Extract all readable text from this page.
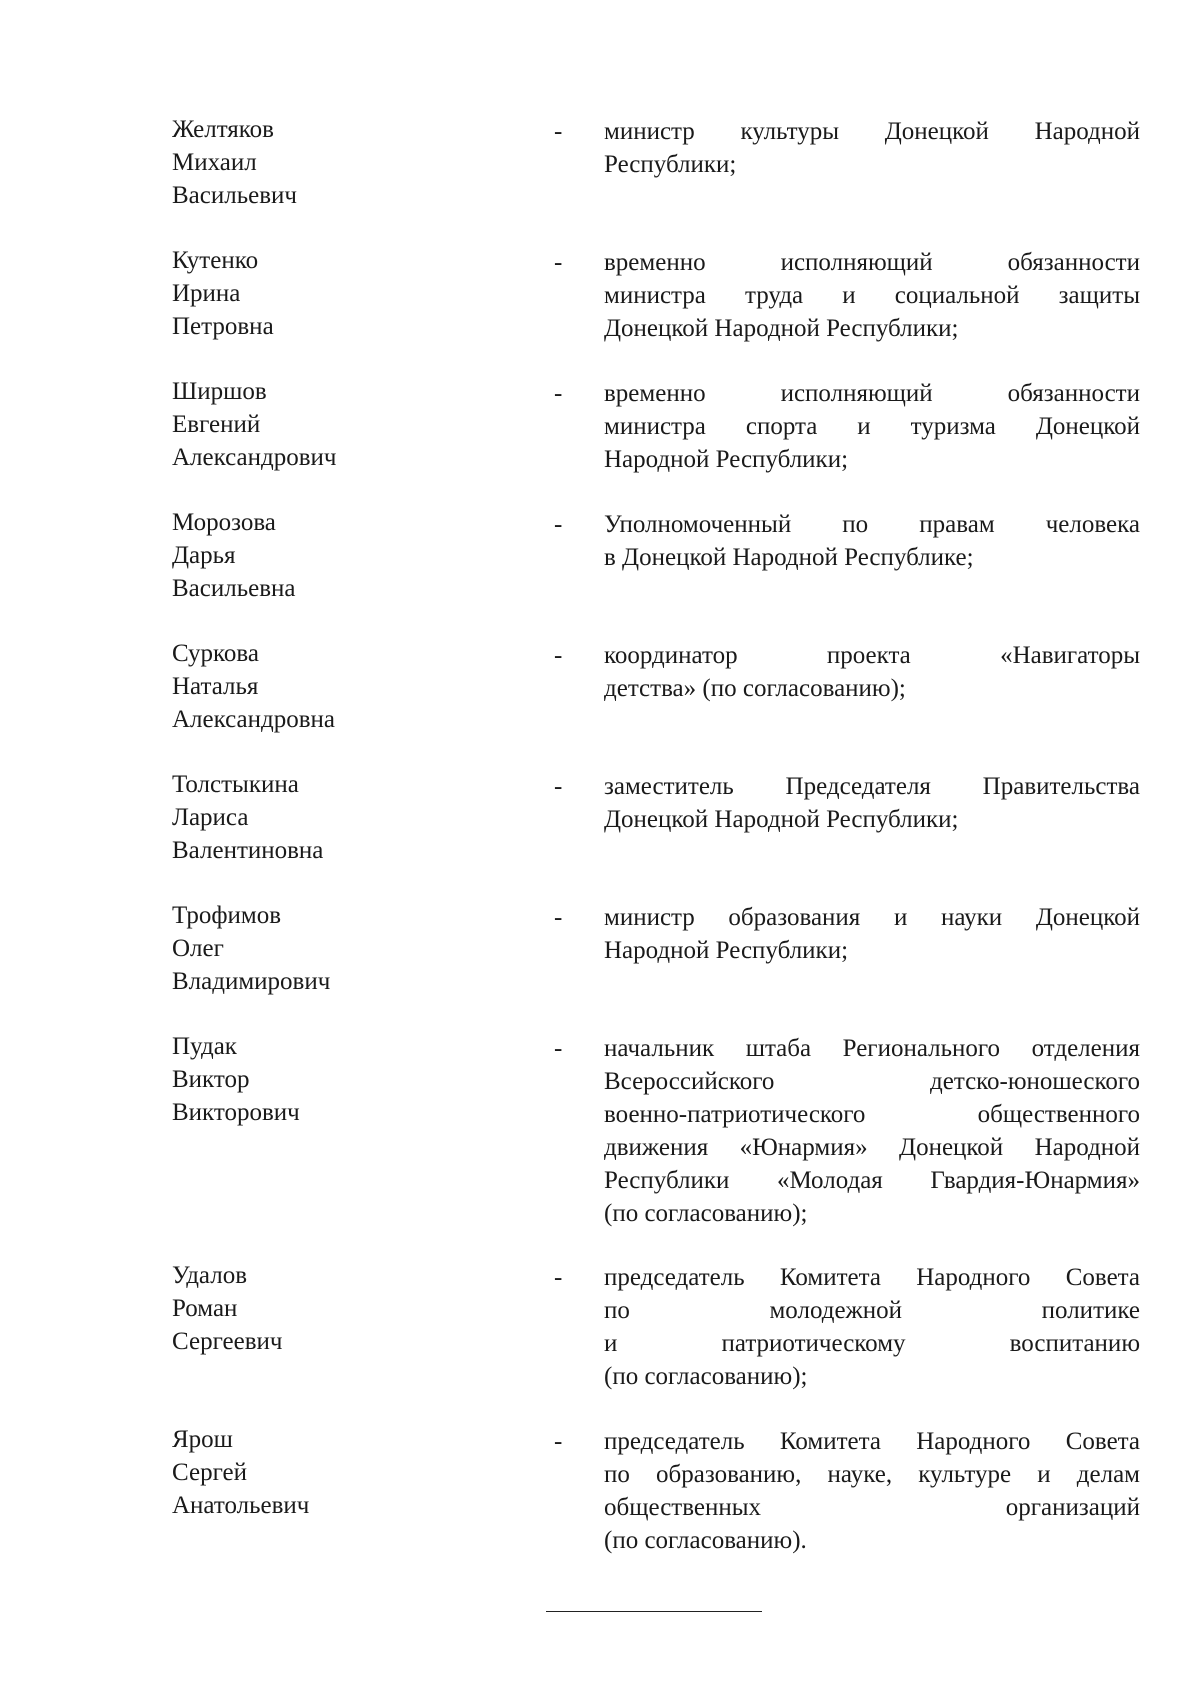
Желтяков
Михаил
Васильевич
- министр культуры Донецкой Народной
Республики;
Кутенко
Ирина
Петровна
- временно исполняющий обязанности
министра труда и социальной защиты
Донецкой Народной Республики;
Ширшов
Евгений
Александрович
- временно исполняющий обязанности
министра спорта и туризма Донецкой
Народной Республики;
Морозова
Дарья
Васильевна
- Уполномоченный по правам человека
в Донецкой Народной Республике;
Суркова
Наталья
Александровна
- координатор проекта «Навигаторы
детства» (по согласованию);
Толстыкина
Лариса
Валентиновна
- заместитель Председателя Правительства
Донецкой Народной Республики;
Трофимов
Олег
Владимирович
- министр образования и науки Донецкой
Народной Республики;
Пудак
Виктор
Викторович
- начальник штаба Регионального отделения
Всероссийского детско-юношеского
военно-патриотического общественного
движения «Юнармия» Донецкой Народной
Республики «Молодая Гвардия-Юнармия»
(по согласованию);
Удалов
Роман
Сергеевич
- председатель Комитета Народного Совета
по молодежной политике
и патриотическому воспитанию
(по согласованию);
Ярош
Сергей
Анатольевич
- председатель Комитета Народного Совета
по образованию, науке, культуре и делам
общественных организаций
(по согласованию).
